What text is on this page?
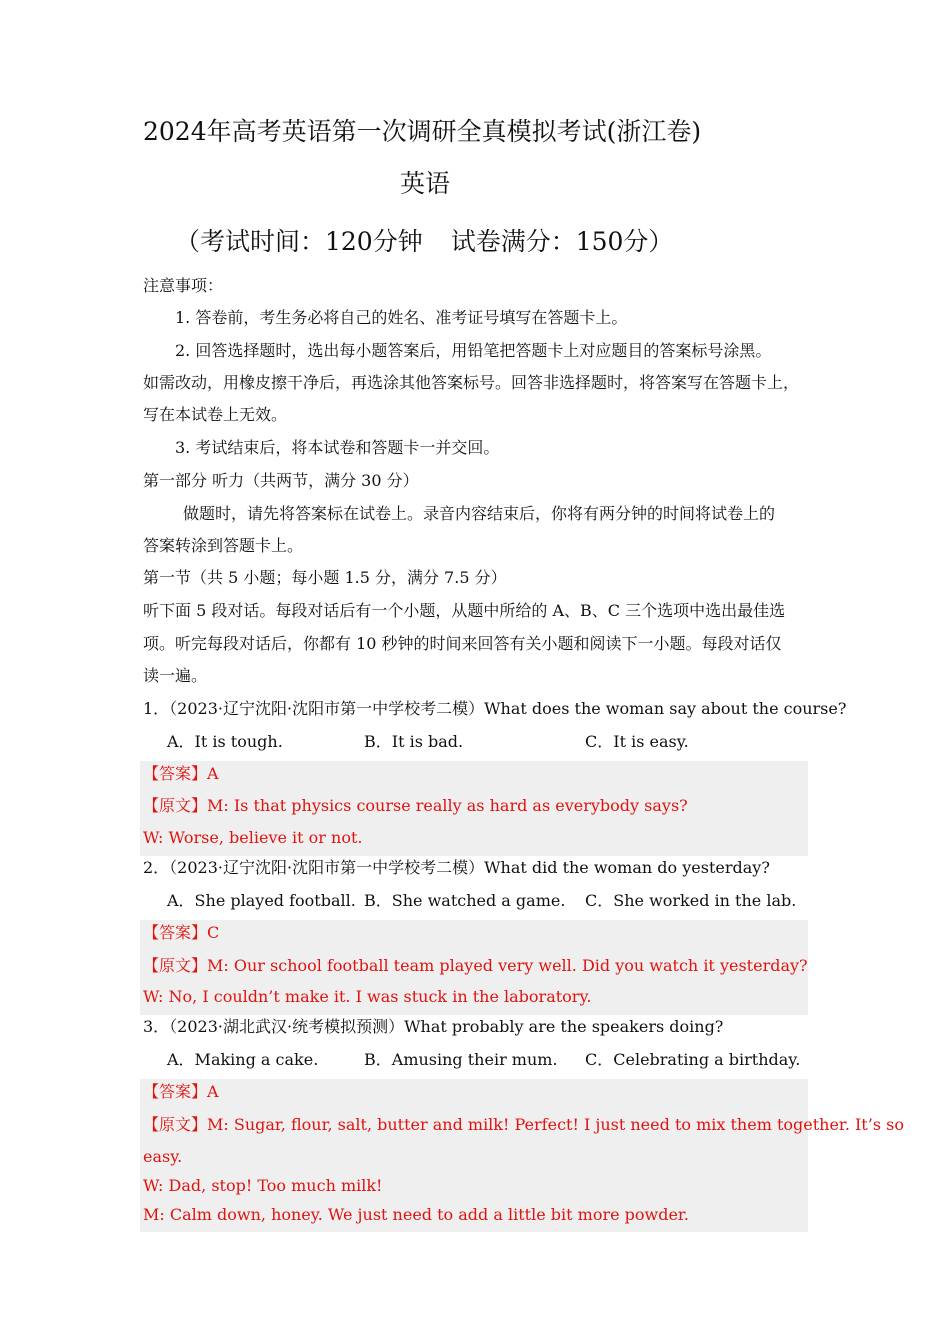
2024年高考英语第一次调研全真模拟考试(浙江卷)
英语
（考试时间：120分钟 试卷满分：150分）
注意事项：
1. 答卷前，考生务必将自己的姓名、准考证号填写在答题卡上。
2. 回答选择题时，选出每小题答案后，用铅笔把答题卡上对应题目的答案标号涂黑。
如需改动，用橡皮擦干净后，再选涂其他答案标号。回答非选择题时，将答案写在答题卡上，
写在本试卷上无效。
3. 考试结束后，将本试卷和答题卡一并交回。
第一部分 听力（共两节，满分 30 分）
做题时，请先将答案标在试卷上。录音内容结束后，你将有两分钟的时间将试卷上的
答案转涂到答题卡上。
第一节（共 5 小题；每小题 1.5 分，满分 7.5 分）
听下面 5 段对话。每段对话后有一个小题，从题中所给的 A、B、C 三个选项中选出最佳选
项。听完每段对话后，你都有 10 秒钟的时间来回答有关小题和阅读下一小题。每段对话仅
读一遍。
1．（2023·辽宁沈阳·沈阳市第一中学校考二模）What does the woman say about the course?
A．It is tough.	B．It is bad.	C．It is easy.
【答案】A
【原文】M: Is that physics course really as hard as everybody says?
W: Worse, believe it or not.
2．（2023·辽宁沈阳·沈阳市第一中学校考二模）What did the woman do yesterday?
A．She played football. B．She watched a game. C．She worked in the lab.
【答案】C
【原文】M: Our school football team played very well. Did you watch it yesterday?
W: No, I couldn’t make it. I was stuck in the laboratory.
3．（2023·湖北武汉·统考模拟预测）What probably are the speakers doing?
A．Making a cake.	B．Amusing their mum. C．Celebrating a birthday.
【答案】A
【原文】M: Sugar, flour, salt, butter and milk! Perfect! I just need to mix them together. It’s so
easy.
W: Dad, stop! Too much milk!
M: Calm down, honey. We just need to add a little bit more powder.
